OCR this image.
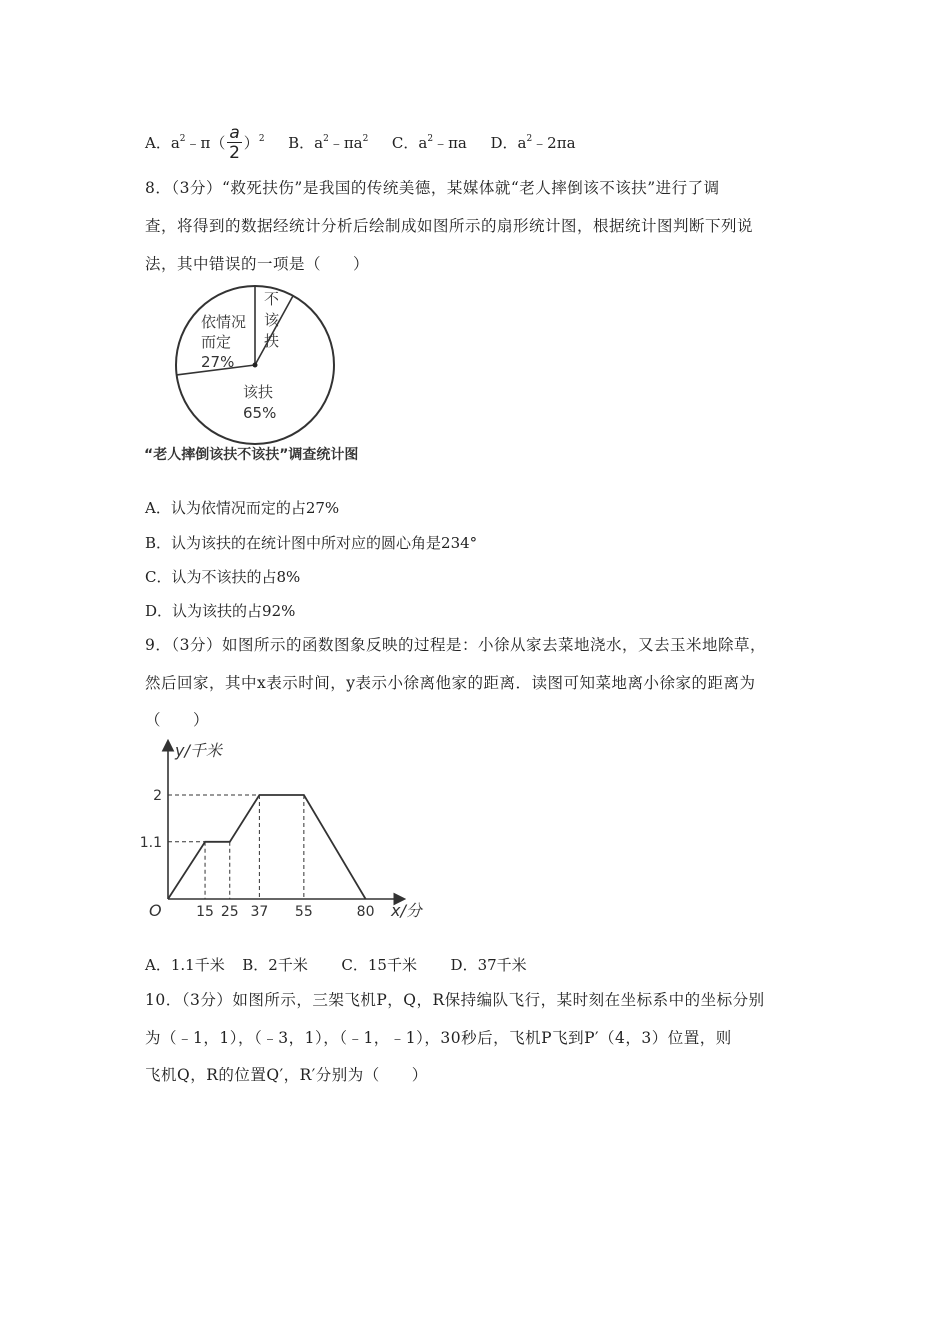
A．$a^2﹣\pi( \frac{a}{2} )^2$ B．$a^2﹣\pi a^2$ C．$a^2﹣\pi a$ D．$a^2﹣2\pi a$
8．（3分）“救死扶伤”是我国的传统美德，某媒体就“老人摔倒该不该扶”进行了调
查，将得到的数据经统计分析后绘制成如图所示的扇形统计图，根据统计图判断下列说
法，其中错误的一项是（　　）
依情况
而定
27%
不
该
扶
该扶
65%
“老人摔倒该扶不该扶”调查统计图
A．认为依情况而定的占27%
B．认为该扶的在统计图中所对应的圆心角是234°
C．认为不该扶的占8%
D．认为该扶的占92%
9．（3分）如图所示的函数图象反映的过程是：小徐从家去菜地浇水，又去玉米地除草，
然后回家，其中x表示时间，y表示小徐离他家的距离．读图可知菜地离小徐家的距离为
（　　）
y/千米
x/分
O 15 25 37 55	80
1.1
2
A．1.1千米 B．2千米 C．15千米 D．37千米
10．（3分）如图所示，三架飞机P，Q，R保持编队飞行，某时刻在坐标系中的坐标分别
为（﹣1，1），（﹣3，1），（﹣1，﹣1），30秒后，飞机P飞到P′（4，3）位置，则
飞机Q，R的位置Q′，R′分别为（　　）
